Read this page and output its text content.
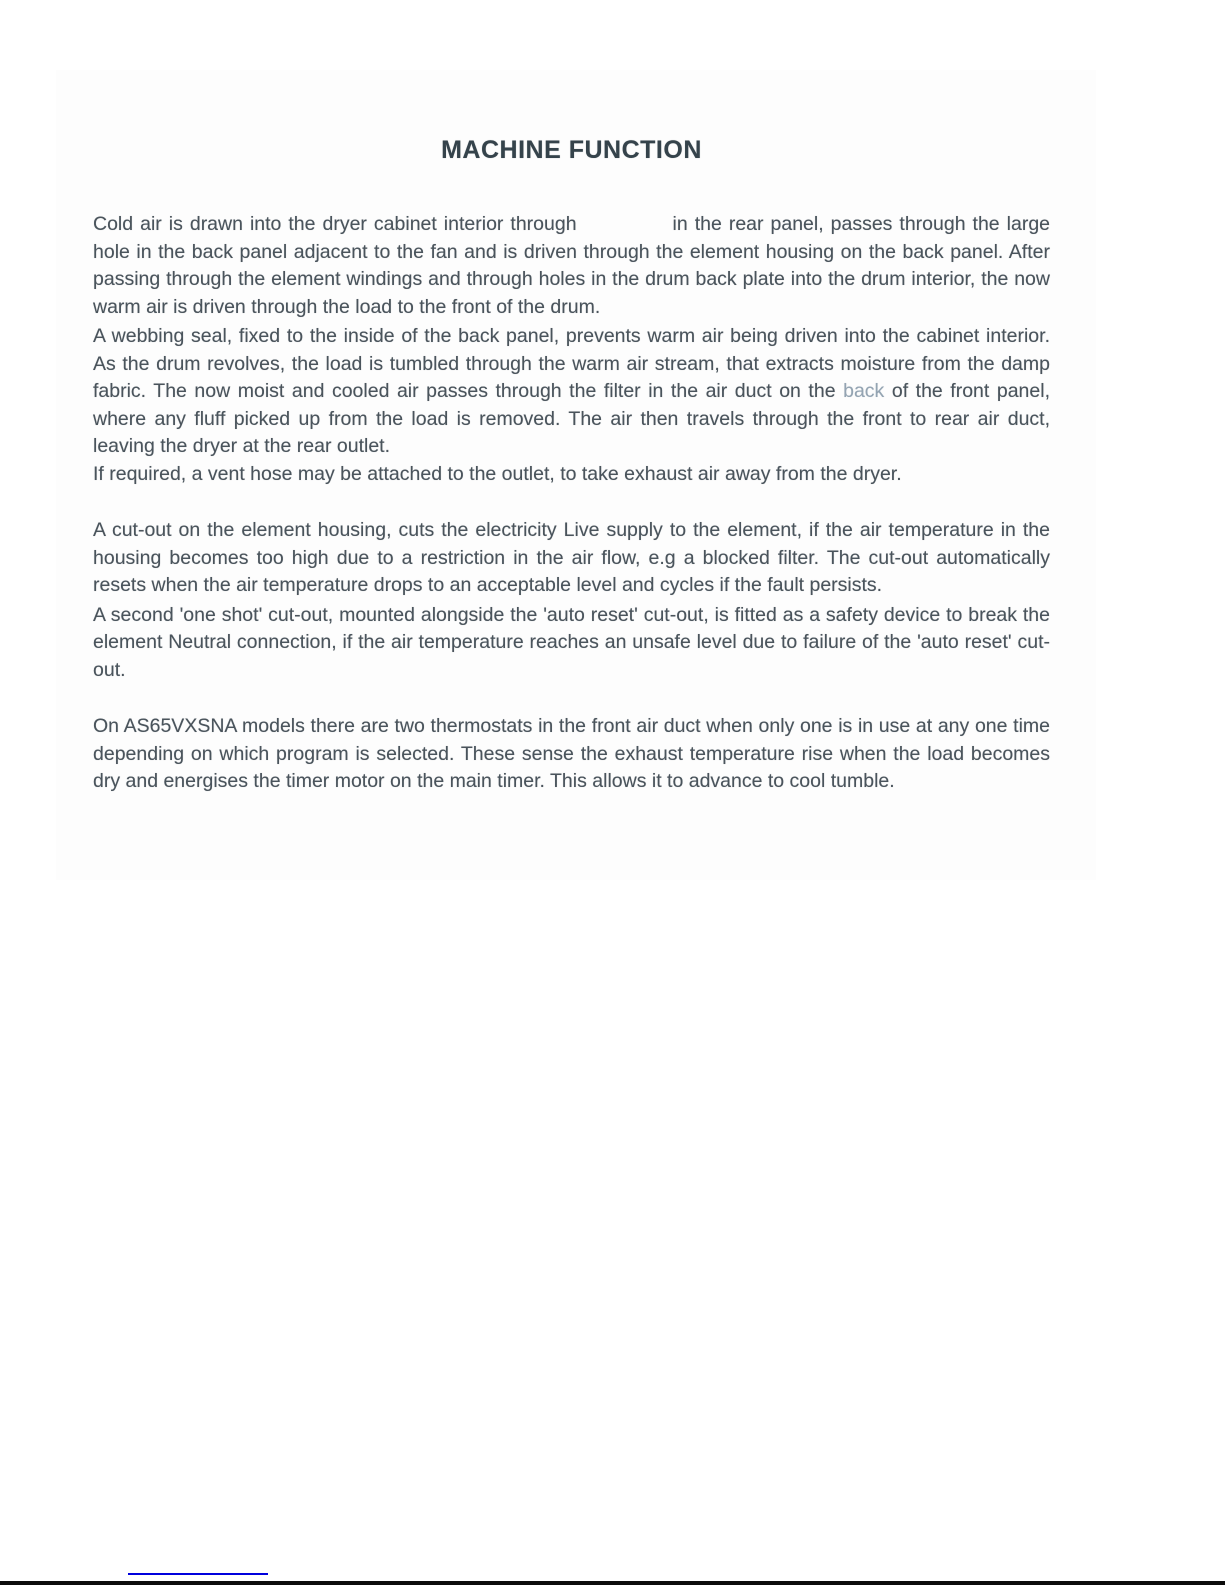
MACHINE FUNCTION

Cold air is drawn into the dryer cabinet interior through	in the rear panel, passes through the large hole in the back panel adjacent to the fan and is driven through the element housing on the back panel. After passing through the element windings and through holes in the drum back plate into the drum interior, the now warm air is driven through the load to the front of the drum.

A webbing seal, fixed to the inside of the back panel, prevents warm air being driven into the cabinet interior. As the drum revolves, the load is tumbled through the warm air stream, that extracts moisture from the damp fabric. The now moist and cooled air passes through the filter in the air duct on the back of the front panel, where any fluff picked up from the load is removed. The air then travels through the front to rear air duct, leaving the dryer at the rear outlet.

If required, a vent hose may be attached to the outlet, to take exhaust air away from the dryer.

A cut-out on the element housing, cuts the electricity Live supply to the element, if the air temperature in the housing becomes too high due to a restriction in the air flow, e.g a blocked filter. The cut-out automatically resets when the air temperature drops to an acceptable level and cycles if the fault persists.

A second 'one shot' cut-out, mounted alongside the 'auto reset' cut-out, is fitted as a safety device to break the element Neutral connection, if the air temperature reaches an unsafe level due to failure of the 'auto reset' cut-out.

On AS65VXSNA models there are two thermostats in the front air duct when only one is in use at any one time depending on which program is selected. These sense the exhaust temperature rise when the load becomes dry and energises the timer motor on the main timer. This allows it to advance to cool tumble.
